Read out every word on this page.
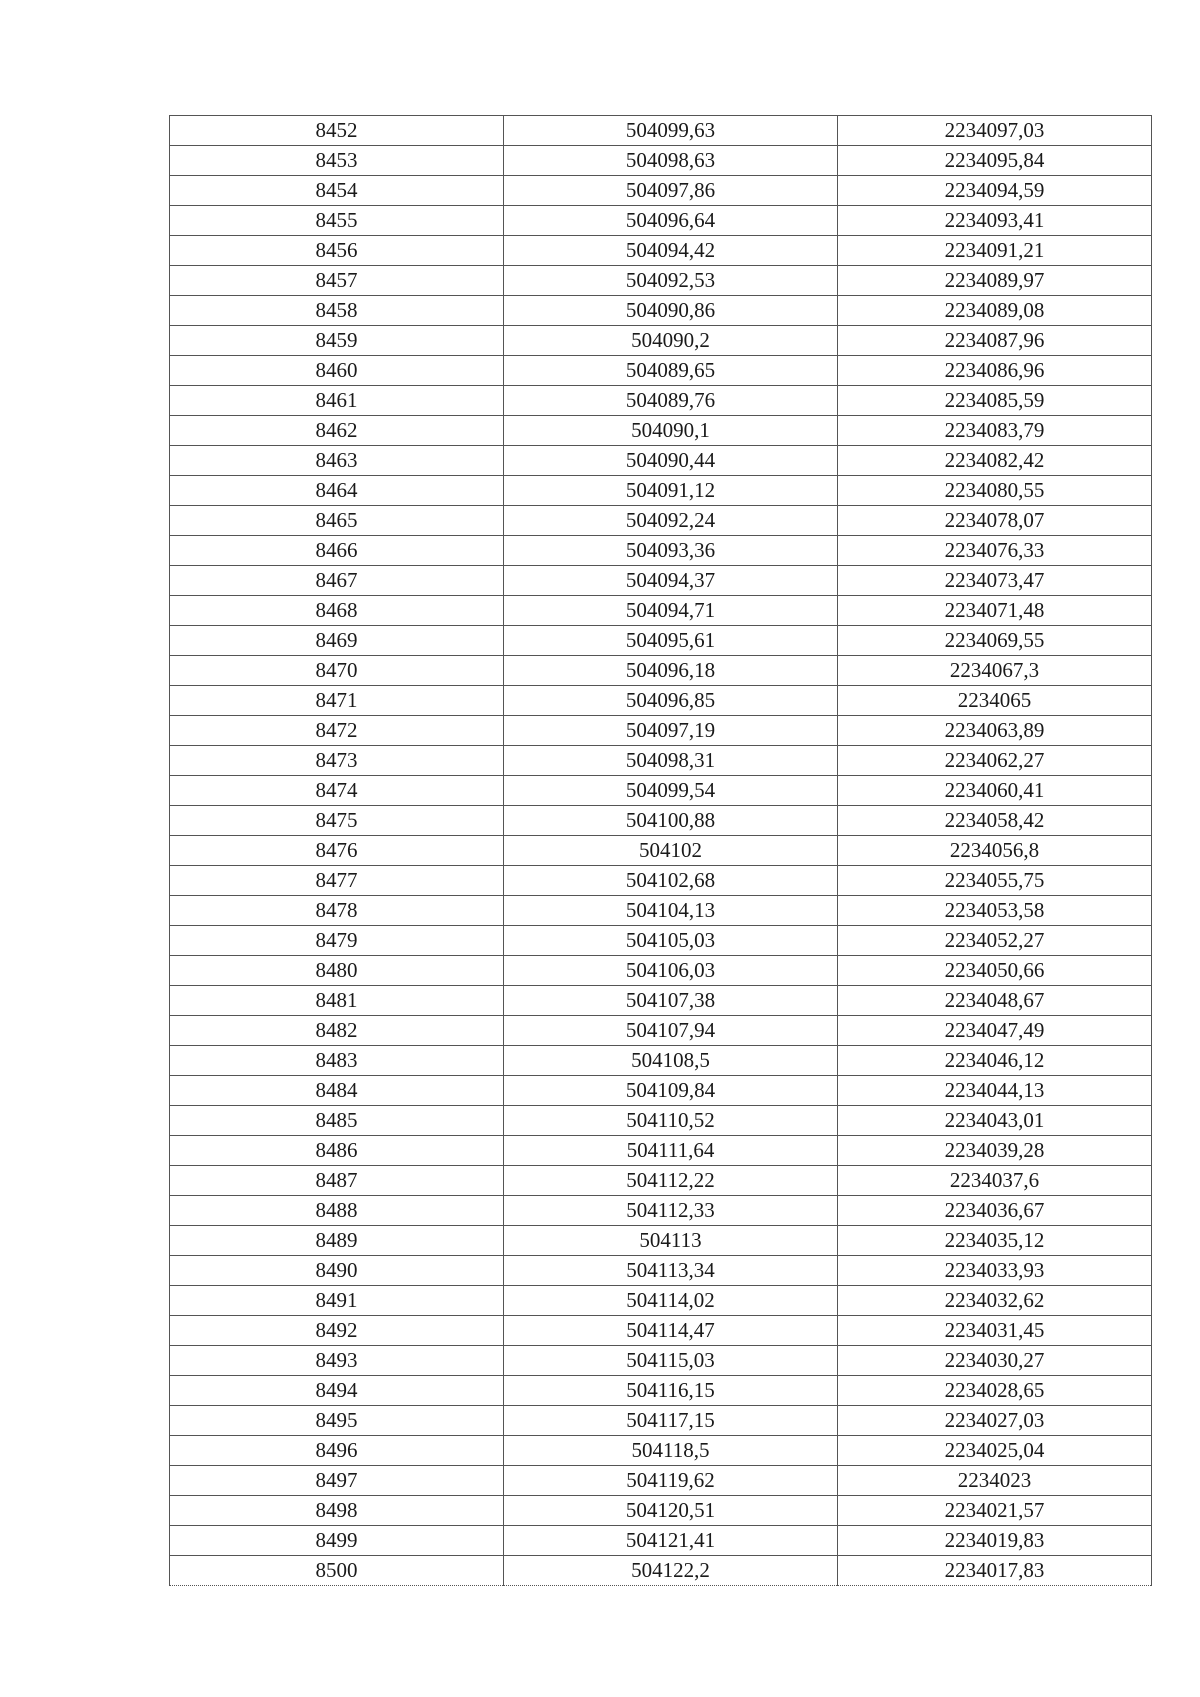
8452	504099,63	2234097,03
8453	504098,63	2234095,84
8454	504097,86	2234094,59
8455	504096,64	2234093,41
8456	504094,42	2234091,21
8457	504092,53	2234089,97
8458	504090,86	2234089,08
8459	504090,2	2234087,96
8460	504089,65	2234086,96
8461	504089,76	2234085,59
8462	504090,1	2234083,79
8463	504090,44	2234082,42
8464	504091,12	2234080,55
8465	504092,24	2234078,07
8466	504093,36	2234076,33
8467	504094,37	2234073,47
8468	504094,71	2234071,48
8469	504095,61	2234069,55
8470	504096,18	2234067,3
8471	504096,85	2234065
8472	504097,19	2234063,89
8473	504098,31	2234062,27
8474	504099,54	2234060,41
8475	504100,88	2234058,42
8476	504102	2234056,8
8477	504102,68	2234055,75
8478	504104,13	2234053,58
8479	504105,03	2234052,27
8480	504106,03	2234050,66
8481	504107,38	2234048,67
8482	504107,94	2234047,49
8483	504108,5	2234046,12
8484	504109,84	2234044,13
8485	504110,52	2234043,01
8486	504111,64	2234039,28
8487	504112,22	2234037,6
8488	504112,33	2234036,67
8489	504113	2234035,12
8490	504113,34	2234033,93
8491	504114,02	2234032,62
8492	504114,47	2234031,45
8493	504115,03	2234030,27
8494	504116,15	2234028,65
8495	504117,15	2234027,03
8496	504118,5	2234025,04
8497	504119,62	2234023
8498	504120,51	2234021,57
8499	504121,41	2234019,83
8500	504122,2	2234017,83
